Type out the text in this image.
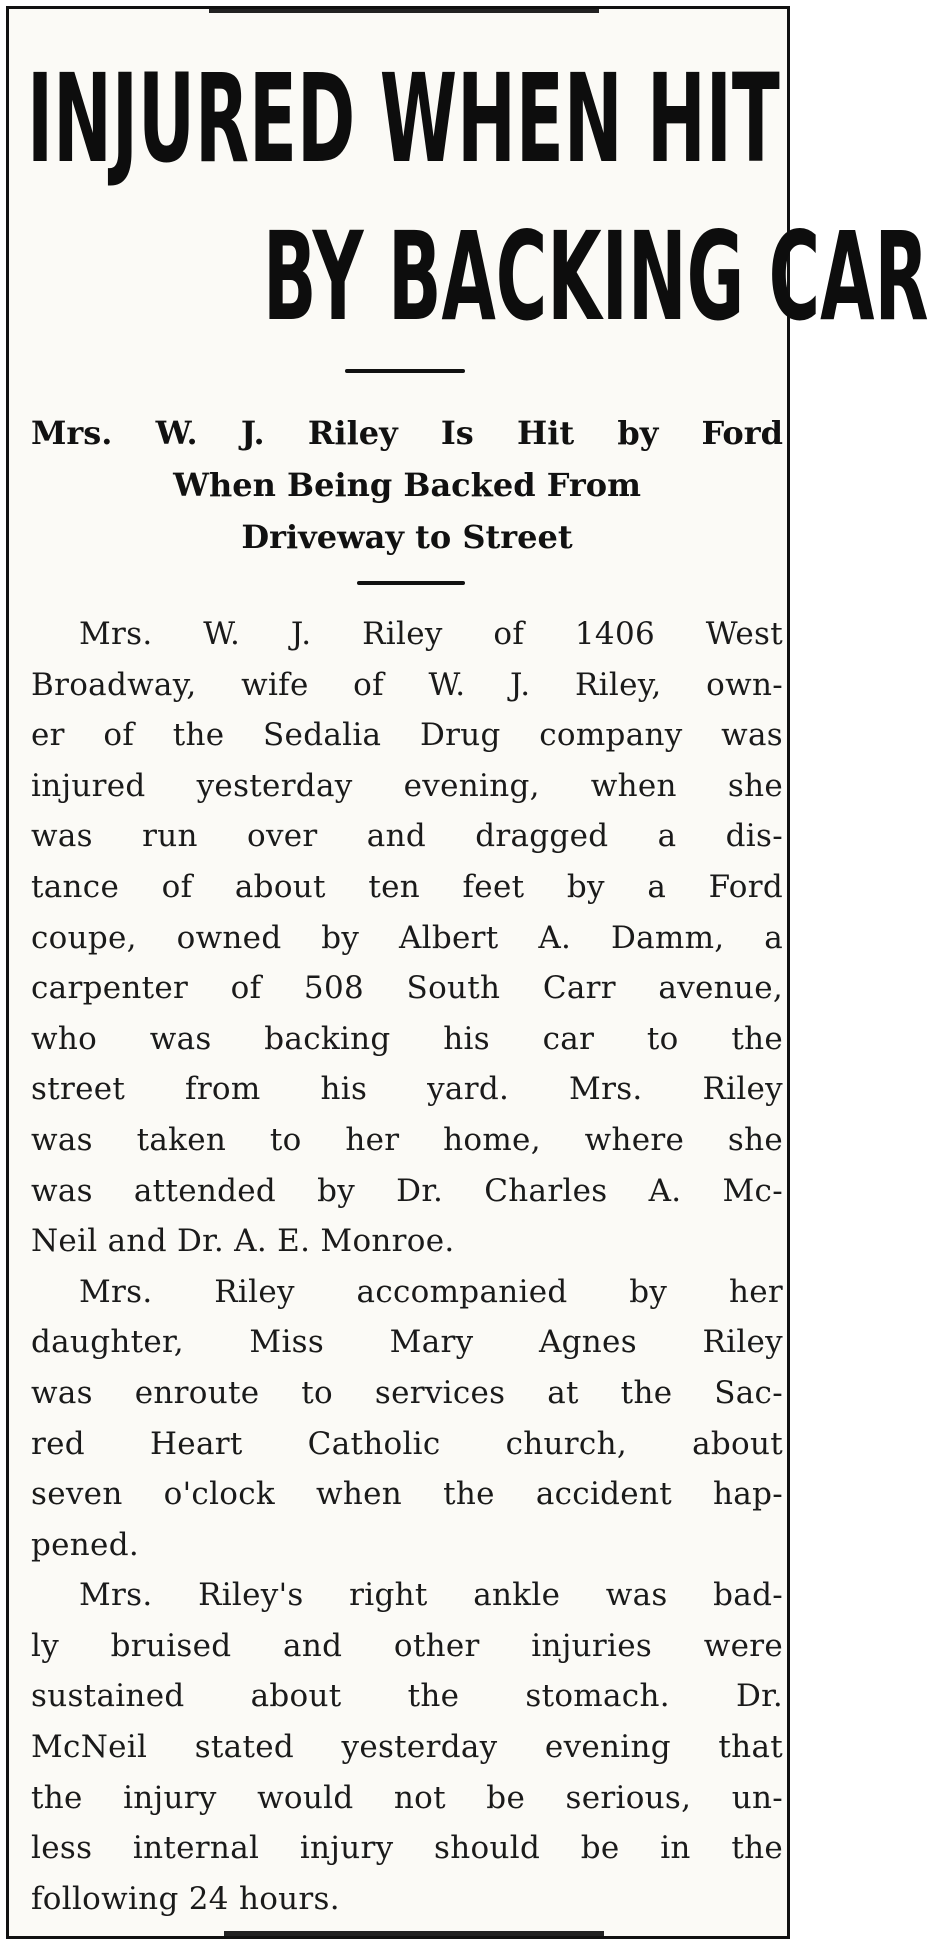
INJURED WHEN HIT
BY BACKING CAR
Mrs. W. J. Riley Is Hit by Ford
When Being Backed From
Driveway to Street
Mrs. W. J. Riley of 1406 West
Broadway, wife of W. J. Riley, own-
er of the Sedalia Drug company was
injured yesterday evening, when she
was run over and dragged a dis-
tance of about ten feet by a Ford
coupe, owned by Albert A. Damm, a
carpenter of 508 South Carr avenue,
who was backing his car to the
street from his yard. Mrs. Riley
was taken to her home, where she
was attended by Dr. Charles A. Mc-
Neil and Dr. A. E. Monroe.
Mrs. Riley accompanied by her
daughter, Miss Mary Agnes Riley
was enroute to services at the Sac-
red Heart Catholic church, about
seven o'clock when the accident hap-
pened.
Mrs. Riley's right ankle was bad-
ly bruised and other injuries were
sustained about the stomach. Dr.
McNeil stated yesterday evening that
the injury would not be serious, un-
less internal injury should be in the
following 24 hours.
